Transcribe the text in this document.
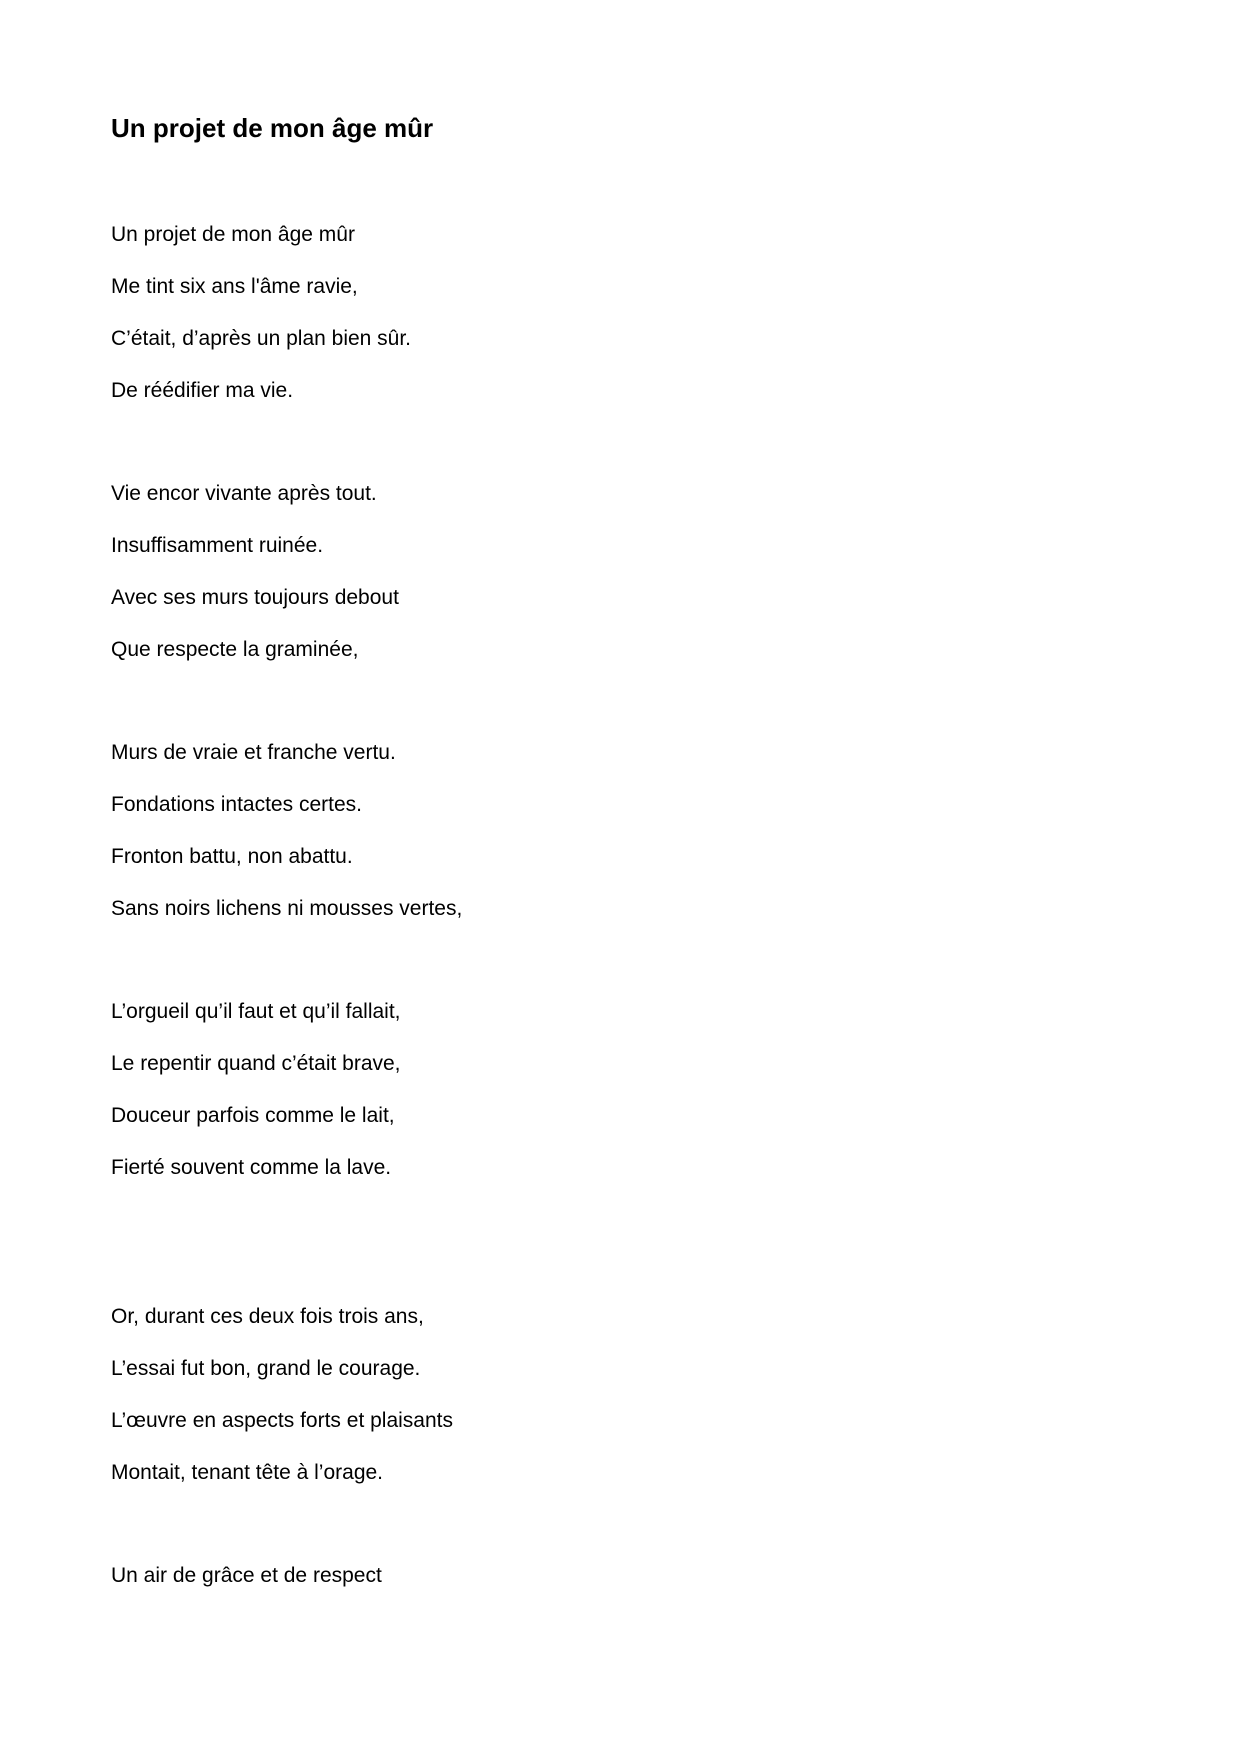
Un projet de mon âge mûr
Un projet de mon âge mûr
Me tint six ans l'âme ravie,
C’était, d’après un plan bien sûr.
De réédifier ma vie.
Vie encor vivante après tout.
Insuffisamment ruinée.
Avec ses murs toujours debout
Que respecte la graminée,
Murs de vraie et franche vertu.
Fondations intactes certes.
Fronton battu, non abattu.
Sans noirs lichens ni mousses vertes,
L’orgueil qu’il faut et qu’il fallait,
Le repentir quand c’était brave,
Douceur parfois comme le lait,
Fierté souvent comme la lave.
Or, durant ces deux fois trois ans,
L’essai fut bon, grand le courage.
L’œuvre en aspects forts et plaisants
Montait, tenant tête à l’orage.
Un air de grâce et de respect
